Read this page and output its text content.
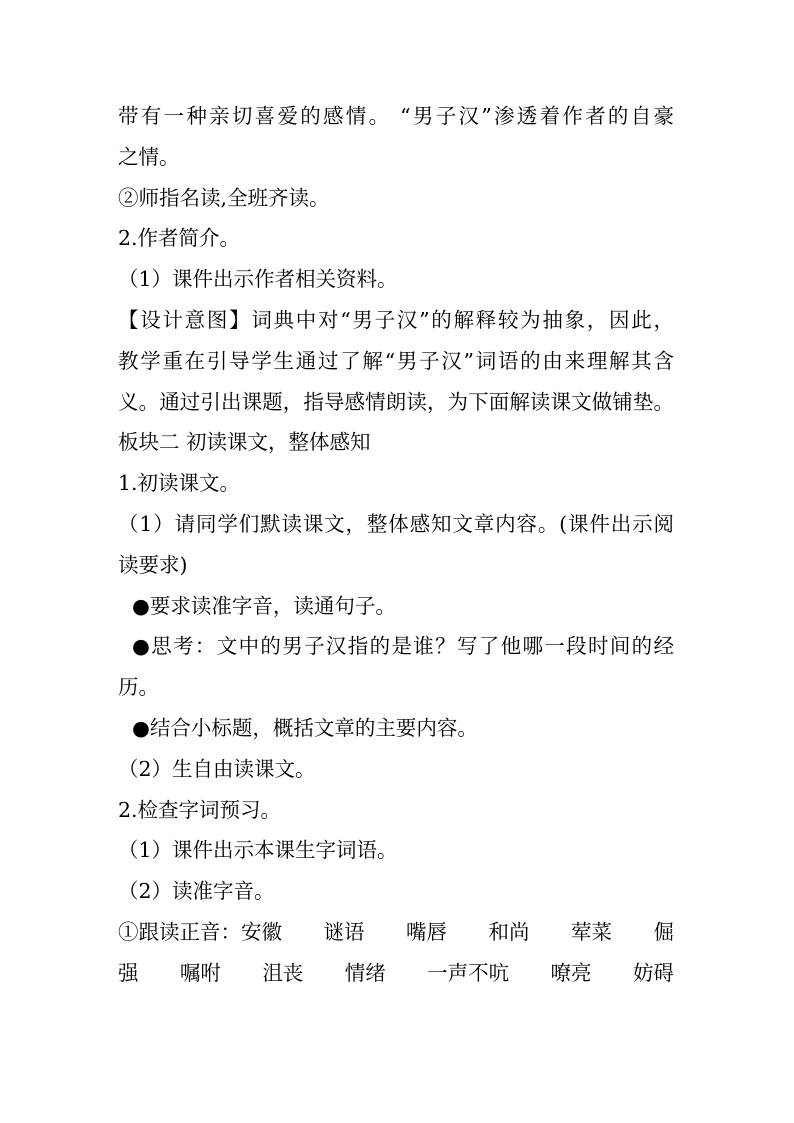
带有一种亲切喜爱的感情。 “男子汉”渗透着作者的自豪
之情。
②师指名读,全班齐读。
2.作者简介。
（1）课件出示作者相关资料。
【设计意图】词典中对“男子汉”的解释较为抽象，因此，
教学重在引导学生通过了解“男子汉”词语的由来理解其含
义。通过引出课题，指导感情朗读，为下面解读课文做铺垫。
板块二 初读课文，整体感知
1.初读课文。
（1）请同学们默读课文，整体感知文章内容。(课件出示阅
读要求)
●要求读准字音，读通句子。
●思考：文中的男子汉指的是谁？写了他哪一段时间的经
历。
●结合小标题，概括文章的主要内容。
（2）生自由读课文。
2.检查字词预习。
（1）课件出示本课生字词语。
（2）读准字音。
①跟读正音：安徽 谜语 嘴唇 和尚 荤菜 倔
强 嘱咐 沮丧 情绪 一声不吭 嘹亮 妨碍
